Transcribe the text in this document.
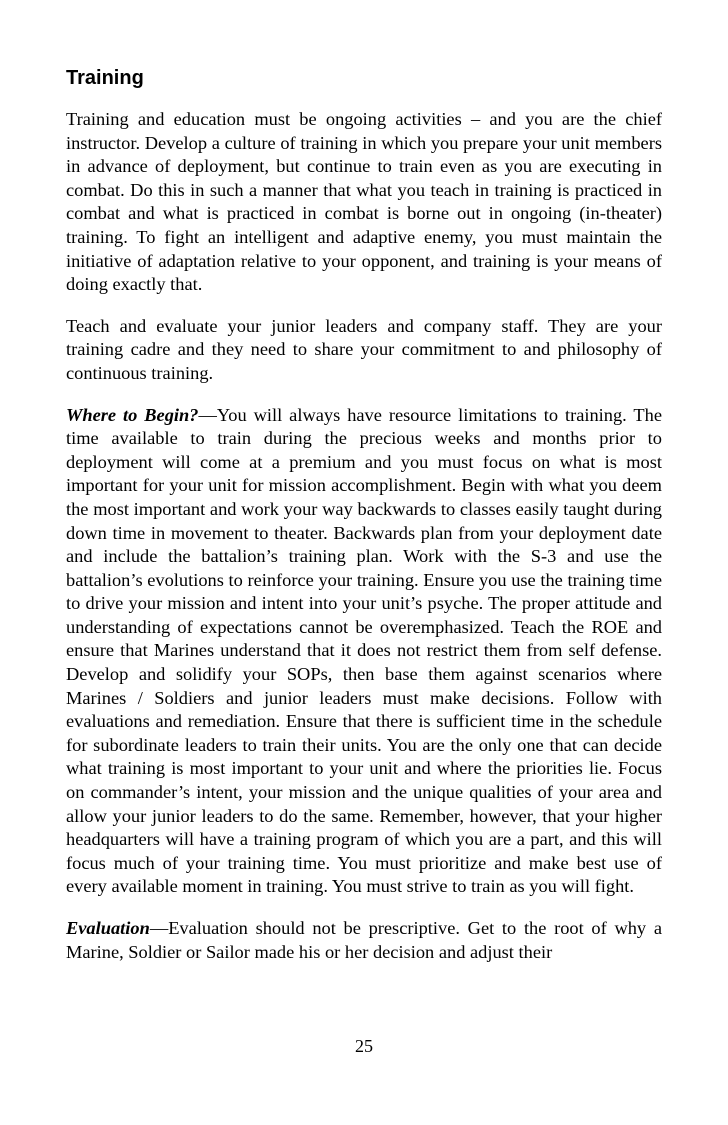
Training

Training and education must be ongoing activities – and you are the chief instructor. Develop a culture of training in which you prepare your unit members in advance of deployment, but continue to train even as you are executing in combat. Do this in such a manner that what you teach in training is practiced in combat and what is practiced in combat is borne out in ongoing (in-theater) training. To fight an intelligent and adaptive enemy, you must maintain the initiative of adaptation relative to your opponent, and training is your means of doing exactly that.

Teach and evaluate your junior leaders and company staff. They are your training cadre and they need to share your commitment to and philosophy of continuous training.

Where to Begin?—You will always have resource limitations to training. The time available to train during the precious weeks and months prior to deployment will come at a premium and you must focus on what is most important for your unit for mission accomplishment. Begin with what you deem the most important and work your way backwards to classes easily taught during down time in movement to theater. Backwards plan from your deployment date and include the battalion’s training plan. Work with the S-3 and use the battalion’s evolutions to reinforce your training. Ensure you use the training time to drive your mission and intent into your unit’s psyche. The proper attitude and understanding of expectations cannot be overemphasized. Teach the ROE and ensure that Marines understand that it does not restrict them from self defense. Develop and solidify your SOPs, then base them against scenarios where Marines / Soldiers and junior leaders must make decisions. Follow with evaluations and remediation. Ensure that there is sufficient time in the schedule for subordinate leaders to train their units. You are the only one that can decide what training is most important to your unit and where the priorities lie. Focus on commander’s intent, your mission and the unique qualities of your area and allow your junior leaders to do the same. Remember, however, that your higher headquarters will have a training program of which you are a part, and this will focus much of your training time. You must prioritize and make best use of every available moment in training. You must strive to train as you will fight.

Evaluation—Evaluation should not be prescriptive. Get to the root of why a Marine, Soldier or Sailor made his or her decision and adjust their

25
